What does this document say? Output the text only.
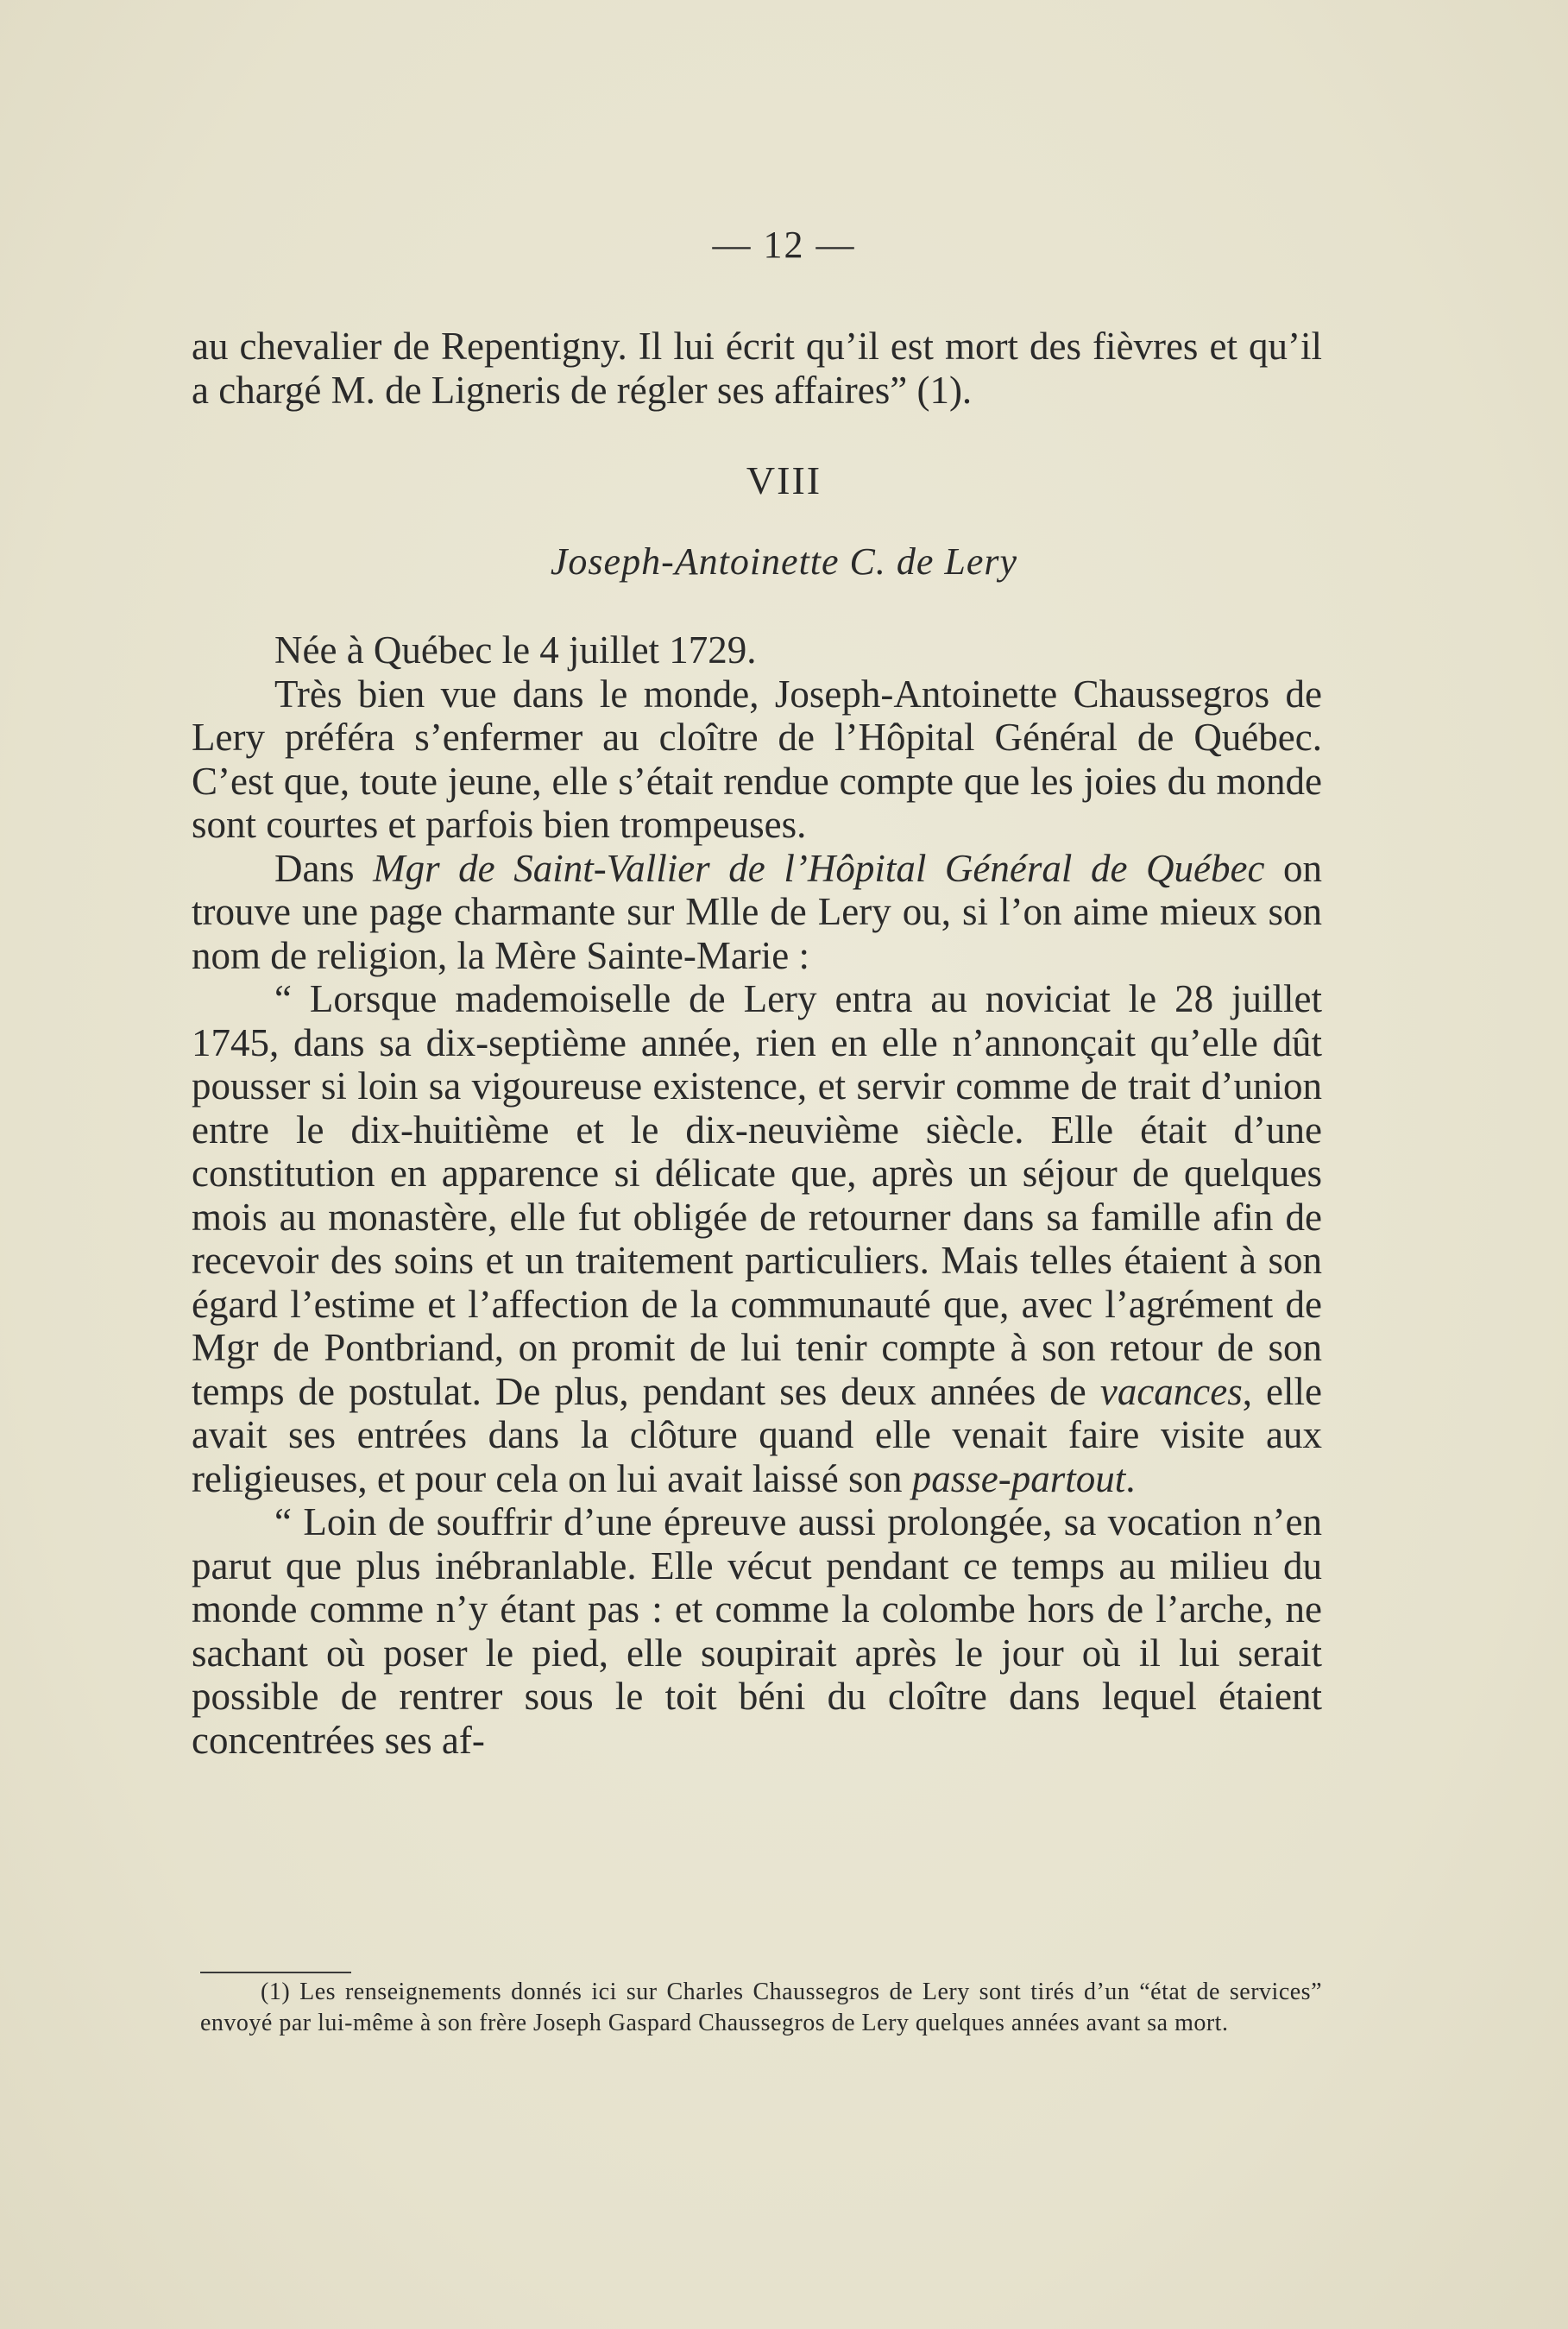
— 12 —

au chevalier de Repentigny. Il lui écrit qu’il est mort des fièvres et qu’il a chargé M. de Ligneris de régler ses affaires” (1).

VIII
Joseph-Antoinette C. de Lery

Née à Québec le 4 juillet 1729.

Très bien vue dans le monde, Joseph-Antoinette Chaussegros de Lery préféra s’enfermer au cloître de l’Hôpital Général de Québec. C’est que, toute jeune, elle s’était rendue compte que les joies du monde sont courtes et parfois bien trompeuses.

Dans Mgr de Saint-Vallier de l’Hôpital Général de Québec on trouve une page charmante sur Mlle de Lery ou, si l’on aime mieux son nom de religion, la Mère Sainte-Marie :

“ Lorsque mademoiselle de Lery entra au noviciat le 28 juillet 1745, dans sa dix-septième année, rien en elle n’annonçait qu’elle dût pousser si loin sa vigoureuse existence, et servir comme de trait d’union entre le dix-huitième et le dix-neuvième siècle. Elle était d’une constitution en apparence si délicate que, après un séjour de quelques mois au monastère, elle fut obligée de retourner dans sa famille afin de recevoir des soins et un traitement particuliers. Mais telles étaient à son égard l’estime et l’affection de la communauté que, avec l’agrément de Mgr de Pontbriand, on promit de lui tenir compte à son retour de son temps de postulat. De plus, pendant ses deux années de vacances, elle avait ses entrées dans la clôture quand elle venait faire visite aux religieuses, et pour cela on lui avait laissé son passe-partout.

“ Loin de souffrir d’une épreuve aussi prolongée, sa vocation n’en parut que plus inébranlable. Elle vécut pendant ce temps au milieu du monde comme n’y étant pas : et comme la colombe hors de l’arche, ne sachant où poser le pied, elle soupirait après le jour où il lui serait possible de rentrer sous le toit béni du cloître dans lequel étaient concentrées ses af-

(1) Les renseignements donnés ici sur Charles Chaussegros de Lery sont tirés d’un “état de services” envoyé par lui-même à son frère Joseph Gaspard Chaussegros de Lery quelques années avant sa mort.
